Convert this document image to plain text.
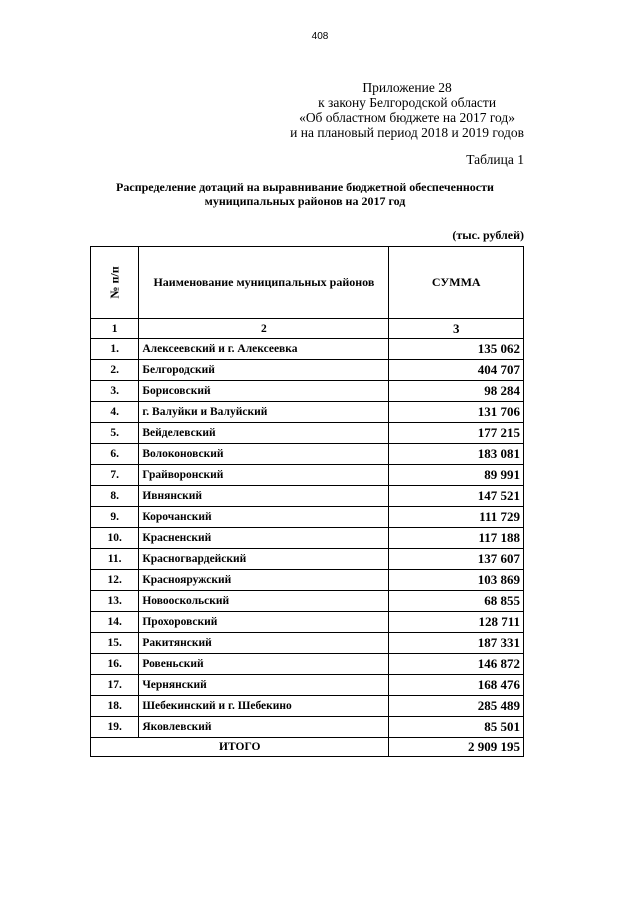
408
Приложение 28
к закону Белгородской области
«Об областном бюджете на 2017 год»
и на плановый период 2018 и 2019 годов
Таблица 1
Распределение дотаций на выравнивание бюджетной обеспеченности
муниципальных районов на 2017 год
(тыс. рублей)
№ п/п	Наименование муниципальных районов	СУММА
1	2	3
1.	Алексеевский и г. Алексеевка	135 062
2.	Белгородский	404 707
3.	Борисовский	98 284
4.	г. Валуйки и Валуйский	131 706
5.	Вейделевский	177 215
6.	Волоконовский	183 081
7.	Грайворонский	89 991
8.	Ивнянский	147 521
9.	Корочанский	111 729
10.	Красненский	117 188
11.	Красногвардейский	137 607
12.	Краснояружский	103 869
13.	Новооскольский	68 855
14.	Прохоровский	128 711
15.	Ракитянский	187 331
16.	Ровеньский	146 872
17.	Чернянский	168 476
18.	Шебекинский и г. Шебекино	285 489
19.	Яковлевский	85 501
ИТОГО		2 909 195
